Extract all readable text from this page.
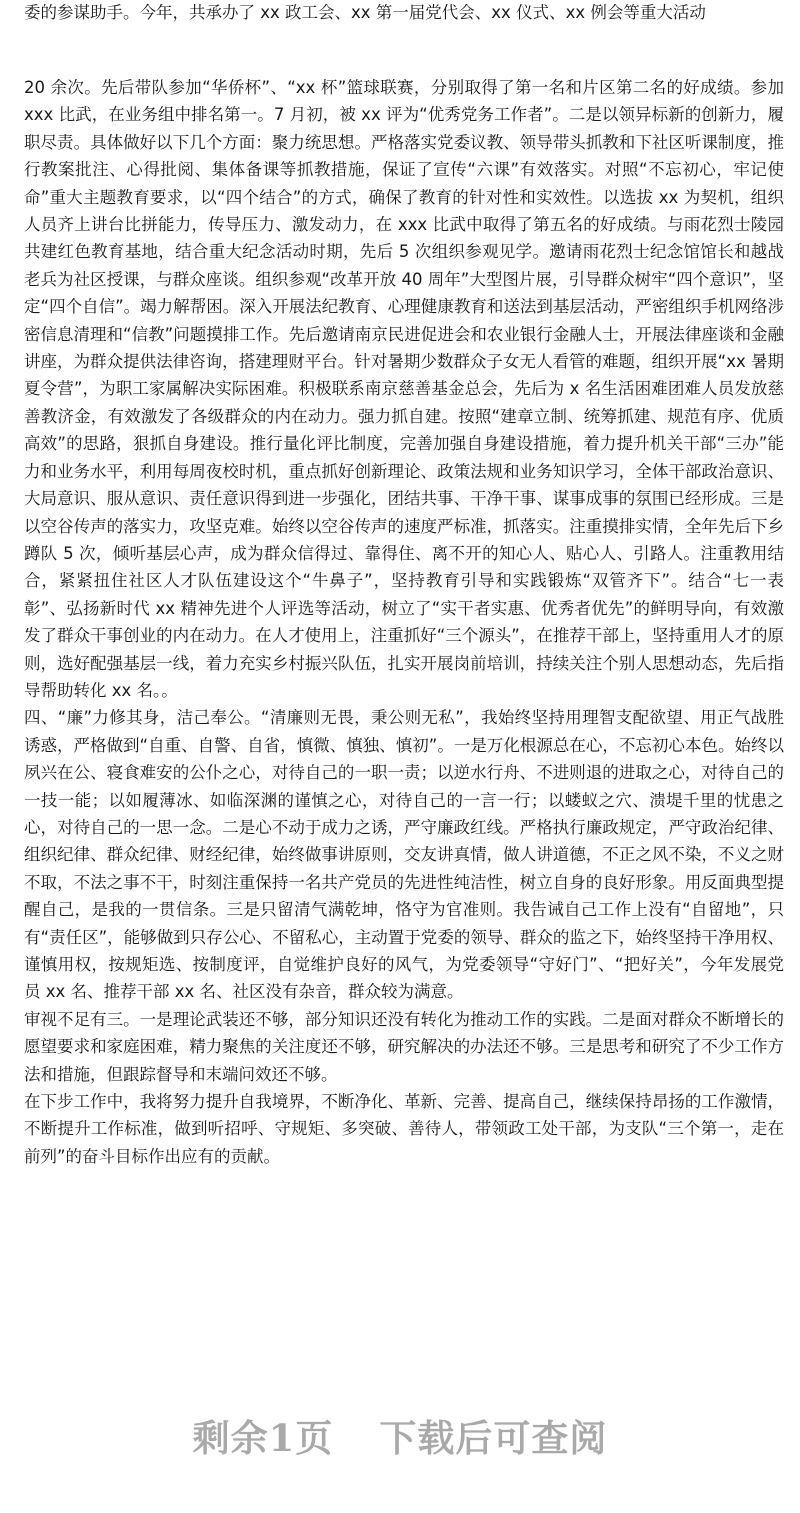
委的参谋助手。今年，共承办了 xx 政工会、xx 第一届党代会、xx 仪式、xx 例会等重大活动

20 余次。先后带队参加“华侨杯”、“xx 杯”篮球联赛，分别取得了第一名和片区第二名的好成绩。参加 xxx 比武，在业务组中排名第一。7 月初，被 xx 评为“优秀党务工作者”。二是以领异标新的创新力，履职尽责。具体做好以下几个方面：聚力统思想。严格落实党委议教、领导带头抓教和下社区听课制度，推行教案批注、心得批阅、集体备课等抓教措施，保证了宣传“六课”有效落实。对照“不忘初心，牢记使命”重大主题教育要求，以“四个结合”的方式，确保了教育的针对性和实效性。以选拔 xx 为契机，组织人员齐上讲台比拼能力，传导压力、激发动力，在 xxx 比武中取得了第五名的好成绩。与雨花烈士陵园共建红色教育基地，结合重大纪念活动时期，先后 5 次组织参观见学。邀请雨花烈士纪念馆馆长和越战老兵为社区授课，与群众座谈。组织参观“改革开放 40 周年”大型图片展，引导群众树牢“四个意识”，坚定“四个自信”。竭力解帮困。深入开展法纪教育、心理健康教育和送法到基层活动，严密组织手机网络涉密信息清理和“信教”问题摸排工作。先后邀请南京民进促进会和农业银行金融人士，开展法律座谈和金融讲座，为群众提供法律咨询，搭建理财平台。针对暑期少数群众子女无人看管的难题，组织开展“xx 暑期夏令营”，为职工家属解决实际困难。积极联系南京慈善基金总会，先后为 x 名生活困难团难人员发放慈善教济金，有效激发了各级群众的内在动力。强力抓自建。按照“建章立制、统筹抓建、规范有序、优质高效”的思路，狠抓自身建设。推行量化评比制度，完善加强自身建设措施，着力提升机关干部“三办”能力和业务水平，利用每周夜校时机，重点抓好创新理论、政策法规和业务知识学习，全体干部政治意识、大局意识、服从意识、责任意识得到进一步强化，团结共事、干净干事、谋事成事的氛围已经形成。三是以空谷传声的落实力，攻坚克难。始终以空谷传声的速度严标准，抓落实。注重摸排实情，全年先后下乡蹲队 5 次，倾听基层心声，成为群众信得过、靠得住、离不开的知心人、贴心人、引路人。注重教用结合，紧紧扭住社区人才队伍建设这个“牛鼻子”，坚持教育引导和实践锻炼“双管齐下”。结合“七一表彰”、弘扬新时代 xx 精神先进个人评选等活动，树立了“实干者实惠、优秀者优先”的鲜明导向，有效激发了群众干事创业的内在动力。在人才使用上，注重抓好“三个源头”，在推荐干部上，坚持重用人才的原则，选好配强基层一线，着力充实乡村振兴队伍，扎实开展岗前培训，持续关注个别人思想动态，先后指导帮助转化 xx 名。。

四、“廉”力修其身，洁己奉公。“清廉则无畏，秉公则无私”，我始终坚持用理智支配欲望、用正气战胜诱惑，严格做到“自重、自警、自省，慎微、慎独、慎初”。一是万化根源总在心，不忘初心本色。始终以夙兴在公、寝食难安的公仆之心，对待自己的一职一责；以逆水行舟、不进则退的进取之心，对待自己的一技一能；以如履薄冰、如临深渊的谨慎之心，对待自己的一言一行；以蝼蚁之穴、溃堤千里的忧患之心，对待自己的一思一念。二是心不动于成力之诱，严守廉政红线。严格执行廉政规定，严守政治纪律、组织纪律、群众纪律、财经纪律，始终做事讲原则，交友讲真情，做人讲道德，不正之风不染，不义之财不取，不法之事不干，时刻注重保持一名共产党员的先进性纯洁性，树立自身的良好形象。用反面典型提醒自己，是我的一贯信条。三是只留清气满乾坤，恪守为官准则。我告诫自己工作上没有“自留地”，只有“责任区”，能够做到只存公心、不留私心，主动置于党委的领导、群众的监之下，始终坚持干净用权、谨慎用权，按规矩选、按制度评，自觉维护良好的风气，为党委领导“守好门”、“把好关”，今年发展党员 xx 名、推荐干部 xx 名、社区没有杂音，群众较为满意。

审视不足有三。一是理论武装还不够，部分知识还没有转化为推动工作的实践。二是面对群众不断增长的愿望要求和家庭困难，精力聚焦的关注度还不够，研究解决的办法还不够。三是思考和研究了不少工作方法和措施，但跟踪督导和末端问效还不够。

在下步工作中，我将努力提升自我境界，不断净化、革新、完善、提高自己，继续保持昂扬的工作激情，不断提升工作标准，做到听招呼、守规矩、多突破、善待人，带领政工处干部，为支队“三个第一，走在前列”的奋斗目标作出应有的贡献。

剩余1页 下载后可查阅
